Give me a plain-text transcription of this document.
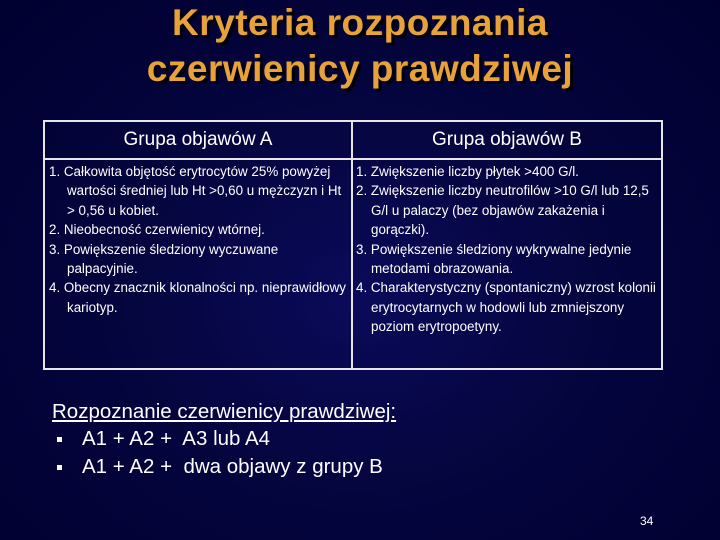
Kryteria rozpoznania
czerwienicy prawdziwej
Grupa objawów A	Grupa objawów B
1. Całkowita objętość erytrocytów 25% powyżej wartości średniej lub Ht >0,60 u mężczyzn i Ht > 0,56 u kobiet.
2. Nieobecność czerwienicy wtórnej.
3. Powiększenie śledziony wyczuwane palpacyjnie.
4. Obecny znacznik klonalności np. nieprawidłowy kariotyp.
1. Zwiększenie liczby płytek >400 G/l.
2. Zwiększenie liczby neutrofilów >10 G/l lub 12,5 G/l u palaczy (bez objawów zakażenia i gorączki).
3. Powiększenie śledziony wykrywalne jedynie metodami obrazowania.
4. Charakterystyczny (spontaniczny) wzrost kolonii erytrocytarnych w hodowli lub zmniejszony poziom erytropoetyny.
Rozpoznanie czerwienicy prawdziwej:
A1 + A2 +  A3 lub A4
A1 + A2 +  dwa objawy z grupy B
34
